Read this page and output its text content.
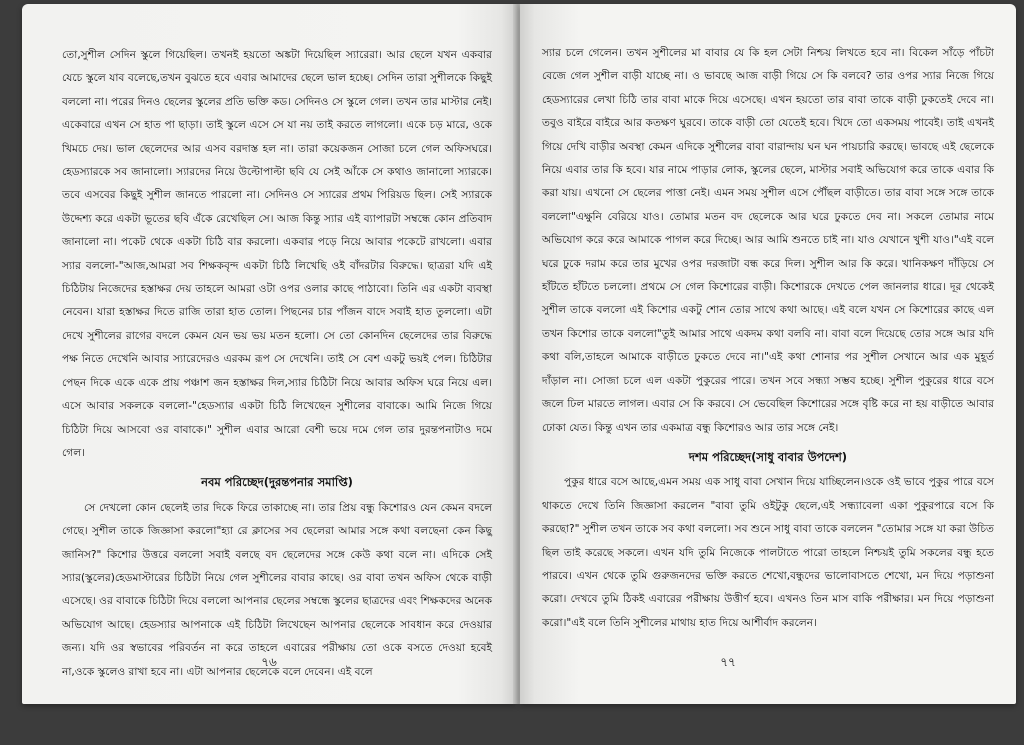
তো,সুশীল সেদিন স্কুলে গিয়েছিল। তখনই হয়তো অঙ্কটা দিয়েছিল স্যারেরা। আর ছেলে যখন একবার যেচে স্কুলে যাব বলেছে,তখন বুঝতে হবে এবার আমাদের ছেলে ভাল হচ্ছে। সেদিন তারা সুশীলকে কিছুই বললো না। পরের দিনও ছেলের স্কুলের প্রতি ভক্তি কড। সেদিনও সে স্কুলে গেল। তখন তার মাস্টার নেই। একেবারে এখন সে হাত পা ছাড়া। তাই স্কুলে এসে সে যা নয় তাই করতে লাগলো। একে চড় মারে, ওকে খিমচে দেয়। ভাল ছেলেদের আর এসব বরদাস্ত হল না। তারা কয়েকজন সোজা চলে গেল অফিসঘরে। হেডস্যারকে সব জানালো। স্যারদের নিয়ে উল্টোপাল্টা ছবি যে সেই আঁকে সে কথাও জানালো স্যারকে। তবে এসবের কিছুই সুশীল জানতে পারলো না। সেদিনও সে স্যারের প্রথম পিরিয়ড ছিল। সেই স্যারকে উদ্দেশ্য করে একটা ভূতের ছবি এঁকে রেখেছিল সে। আজ কিন্তু স্যার এই ব্যাপারটা সম্বন্ধে কোন প্রতিবাদ জানালো না। পকেট থেকে একটা চিঠি বার করলো। একবার পড়ে নিয়ে আবার পকেটে রাখলো। এবার স্যার বললো-"আজ,আমরা সব শিক্ষকবৃন্দ একটা চিঠি লিখেছি ওই বাঁদরটার বিরুদ্ধে। ছাত্ররা যদি এই চিঠিটায় নিজেদের হস্তাক্ষর দেয় তাহলে আমরা ওটা ওপর ওলার কাছে পাঠাবো। তিনি এর একটা ব্যবস্থা নেবেন। যারা হস্তাক্ষর দিতে রাজি তারা হাত তোল। পিছনের চার পাঁজন বাদে সবাই হাত তুললো। এটা দেখে সুশীলের রাগের বদলে কেমন যেন ভয় ভয় মতন হলো। সে তো কোনদিন ছেলেদের তার বিরুদ্ধে পক্ষ নিতে দেখেনি আবার স্যারেদেরও এরকম রূপ সে দেখেনি। তাই সে বেশ একটু ভয়ই পেল। চিঠিটার পেছন দিকে একে একে প্রায় পঞ্চাশ জন হস্তাক্ষর দিল,স্যার চিঠিটা নিয়ে আবার অফিস ঘরে নিয়ে এল। এসে আবার সকলকে বললো-"হেডস্যার একটা চিঠি লিখেছেন সুশীলের বাবাকে। আমি নিজে গিয়ে চিঠিটা দিয়ে আসবো ওর বাবাকে।" সুশীল এবার আরো বেশী ভয়ে দমে গেল তার দুরন্তপনাটাও দমে গেল।

নবম পরিচ্ছেদ(দুরন্তপনার সমাপ্তি)

সে দেখলো কোন ছেলেই তার দিকে ফিরে তাকাচ্ছে না। তার প্রিয় বন্ধু কিশোরও যেন কেমন বদলে গেছে। সুশীল তাকে জিজ্ঞাসা করলো"হ্যা রে ক্লাসের সব ছেলেরা আমার সঙ্গে কথা বলছেনা কেন কিছু জানিস?" কিশোর উত্তরে বললো সবাই বলছে বদ ছেলেদের সঙ্গে কেউ কথা বলে না। এদিকে সেই স্যার(স্কুলের)হেডমাস্টারের চিঠিটা নিয়ে গেল সুশীলের বাবার কাছে। ওর বাবা তখন অফিস থেকে বাড়ী এসেছে। ওর বাবাকে চিঠিটা দিয়ে বললো আপনার ছেলের সম্বন্ধে স্কুলের ছাত্রদের এবং শিক্ষকদের অনেক অভিযোগ আছে। হেডস্যার আপনাকে এই চিঠিটা লিখেছেন আপনার ছেলেকে সাবধান করে দেওয়ার জন্য। যদি ওর স্বভাবের পরিবর্তন না করে তাহলে এবারের পরীক্ষায় তো ওকে বসতে দেওয়া হবেই না,ওকে স্কুলেও রাখা হবে না। এটা আপনার ছেলেকে বলে দেবেন। এই বলে

৭৬

স্যার চলে গেলেন। তখন সুশীলের মা বাবার যে কি হল সেটা নিশ্চয় লিখতে হবে না। বিকেল সাঁড়ে পাঁচটা বেজে গেল সুশীল বাড়ী যাচ্ছে না। ও ভাবছে আজ বাড়ী গিয়ে সে কি বলবে? তার ওপর স্যার নিজে গিয়ে হেডস্যারের লেখা চিঠি তার বাবা মাকে দিয়ে এসেছে। এখন হয়তো তার বাবা তাকে বাড়ী ঢুকতেই দেবে না। তবুও বাইরে বাইরে আর কতক্ষণ ঘুরবে। তাকে বাড়ী তো যেতেই হবে। খিদে তো একসময় পাবেই। তাই এখনই গিয়ে দেখি বাড়ীর অবস্থা কেমন এদিকে সুশীলের বাবা বারান্দায় ঘন ঘন পায়চারি করছে। ভাবছে এই ছেলেকে নিয়ে এবার তার কি হবে। যার নামে পাড়ার লোক, স্কুলের ছেলে, মাস্টার সবাই অভিযোগ করে তাকে এবার কি করা যায়। এখনো সে ছেলের পাত্তা নেই। এমন সময় সুশীল এসে পৌঁছল বাড়ীতে। তার বাবা সঙ্গে সঙ্গে তাকে বললো"এক্ষুনি বেরিয়ে যাও। তোমার মতন বদ ছেলেকে আর ঘরে ঢুকতে দেব না। সকলে তোমার নামে অভিযোগ করে করে আমাকে পাগল করে দিচ্ছে। আর আমি শুনতে চাই না। যাও যেখানে খুশী যাও।"এই বলে ঘরে ঢুকে দরাম করে তার মুখের ওপর দরজাটা বন্ধ করে দিল। সুশীল আর কি করে। খানিকক্ষণ দাঁড়িয়ে সে হাঁটতে হাঁটতে চললো। প্রথমে সে গেল কিশোরের বাড়ী। কিশোরকে দেখতে পেল জানলার ধারে। দূর থেকেই সুশীল তাকে বললো এই কিশোর একটু শোন তোর সাথে কথা আছে। এই বলে যখন সে কিশোরের কাছে এল তখন কিশোর তাকে বললো"তুই আমার সাথে একদম কথা বলবি না। বাবা বলে দিয়েছে তোর সঙ্গে আর যদি কথা বলি,তাহলে আমাকে বাড়ীতে ঢুকতে দেবে না।"এই কথা শোনার পর সুশীল সেখানে আর এক মুহূর্ত দাঁড়াল না। সোজা চলে এল একটা পুকুরের পারে। তখন সবে সন্ধ্যা সম্ভব হচ্ছে। সুশীল পুকুরের ধারে বসে জলে ঢিল মারতে লাগল। এবার সে কি করবে। সে ভেবেছিল কিশোরের সঙ্গে বৃষ্টি করে না হয় বাড়ীতে আবার ঢোকা যেত। কিন্তু এখন তার একমাত্র বন্ধু কিশোরও আর তার সঙ্গে নেই।

দশম পরিচ্ছেদ(সাধু বাবার উপদেশ)

পুকুর ধারে বসে আছে,এমন সময় এক সাধু বাবা সেখান দিয়ে যাচ্ছিলেন।ওকে ওই ভাবে পুকুর পারে বসে থাকতে দেখে তিনি জিজ্ঞাসা করলেন "বাবা তুমি ওইটুকু ছেলে,এই সন্ধ্যাবেলা একা পুকুরপারে বসে কি করছো?" সুশীল তখন তাকে সব কথা বললো। সব শুনে সাধু বাবা তাকে বললেন "তোমার সঙ্গে যা করা উচিত ছিল তাই করেছে সকলে। এখন যদি তুমি নিজেকে পালটাতে পারো তাহলে নিশ্চয়ই তুমি সকলের বন্ধু হতে পারবে। এখন থেকে তুমি গুরুজনদের ভক্তি করতে শেখো,বন্ধুদের ভালোবাসতে শেখো, মন দিয়ে পড়াশুনা করো। দেখবে তুমি ঠিকই এবারের পরীক্ষায় উত্তীর্ণ হবে। এখনও তিন মাস বাকি পরীক্ষার। মন দিয়ে পড়াশুনা করো।"এই বলে তিনি সুশীলের মাথায় হাত দিয়ে আশীর্বাদ করলেন।

৭৭
